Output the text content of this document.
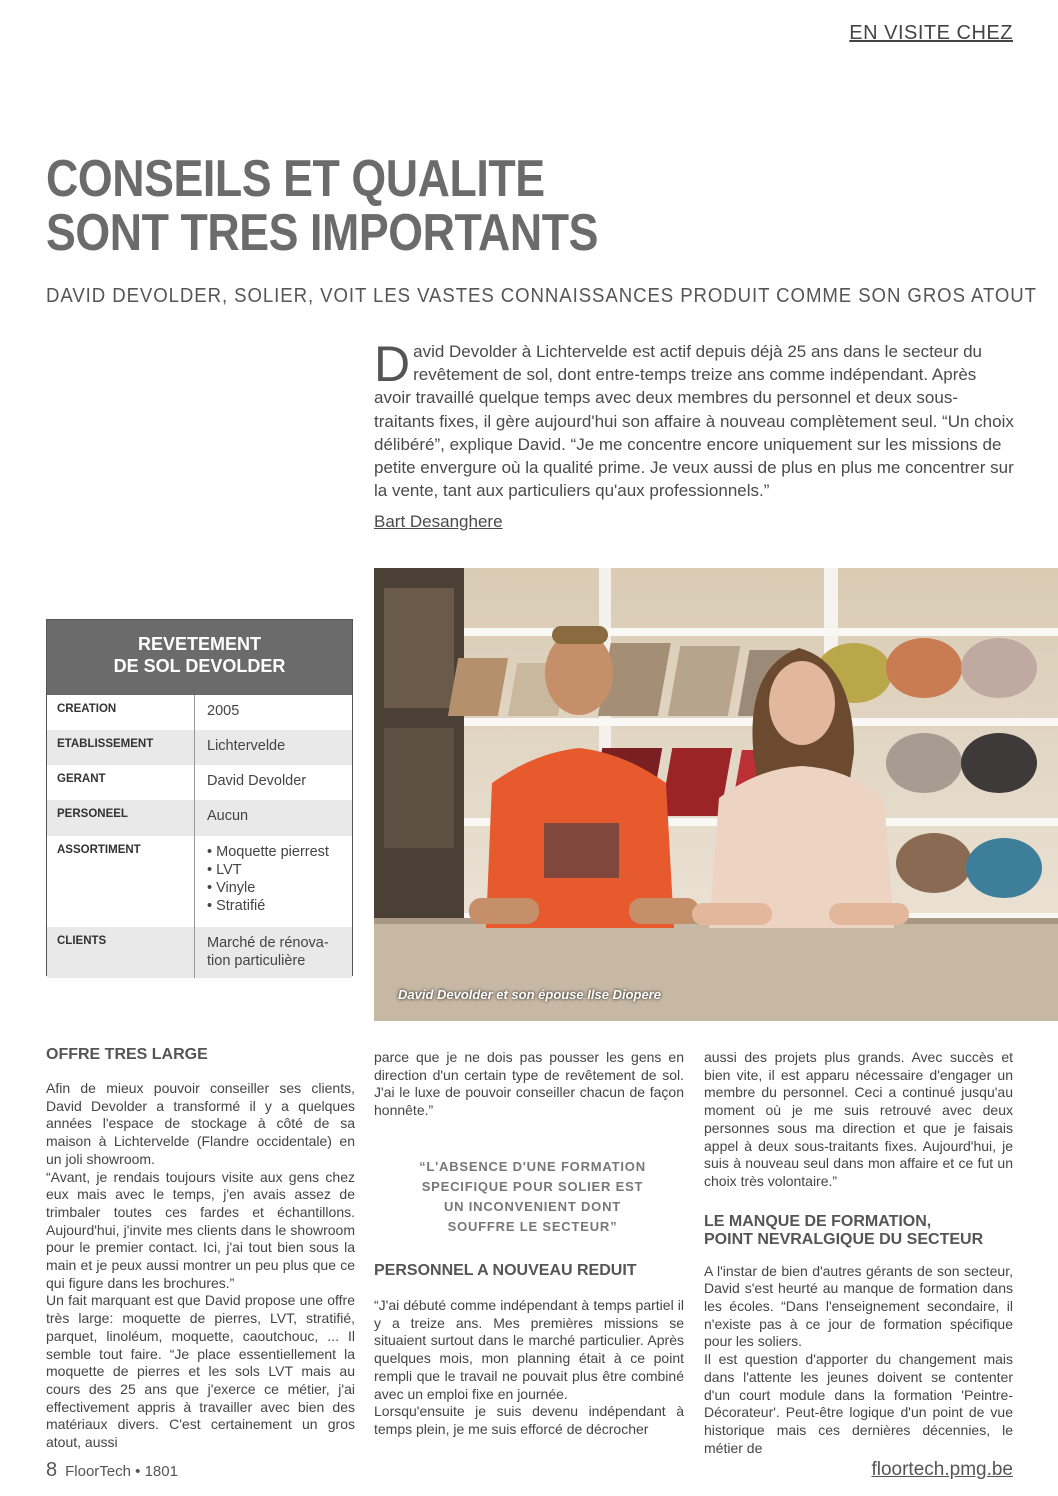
EN VISITE CHEZ
CONSEILS ET QUALITE
SONT TRES IMPORTANTS
DAVID DEVOLDER, SOLIER, VOIT LES VASTES CONNAISSANCES PRODUIT COMME SON GROS ATOUT
David Devolder à Lichtervelde est actif depuis déjà 25 ans dans le secteur du revêtement de sol, dont entre-temps treize ans comme indépendant. Après avoir travaillé quelque temps avec deux membres du personnel et deux sous-traitants fixes, il gère aujourd'hui son affaire à nouveau complètement seul. “Un choix délibéré”, explique David. “Je me concentre encore uniquement sur les missions de petite envergure où la qualité prime. Je veux aussi de plus en plus me concentrer sur la vente, tant aux particuliers qu'aux professionnels.”
Bart Desanghere
REVETEMENT
DE SOL DEVOLDER
CREATION	2005
ETABLISSEMENT	Lichtervelde
GERANT	David Devolder
PERSONEEL	Aucun
ASSORTIMENT
•	Moquette pierrest
• LVT
• Vinyle
• Stratifié
CLIENTS	Marché de rénova-
tion particulière
David Devolder et son épouse Ilse Diopere
OFFRE TRES LARGE

Afin de mieux pouvoir conseiller ses clients, David Devolder a transformé il y a quelques années l'espace de stockage à côté de sa maison à Lichtervelde (Flandre occidentale) en un joli showroom.

“Avant, je rendais toujours visite aux gens chez eux mais avec le temps, j'en avais assez de trimbaler toutes ces fardes et échantillons. Aujourd'hui, j'invite mes clients dans le showroom pour le premier contact. Ici, j'ai tout bien sous la main et je peux aussi montrer un peu plus que ce qui figure dans les brochures.”

Un fait marquant est que David propose une offre très large: moquette de pierres, LVT, stratifié, parquet, linoléum, moquette, caoutchouc, ... Il semble tout faire. “Je place essentiellement la moquette de pierres et les sols LVT mais au cours des 25 ans que j'exerce ce métier, j'ai effectivement appris à travailler avec bien des matériaux divers. C'est certainement un gros atout, aussi

parce que je ne dois pas pousser les gens en direction d'un certain type de revêtement de sol. J'ai le luxe de pouvoir conseiller chacun de façon honnête.”

“L'ABSENCE D'UNE FORMATION SPECIFIQUE POUR SOLIER EST UN INCONVENIENT DONT SOUFFRE LE SECTEUR”
PERSONNEL A NOUVEAU REDUIT

“J'ai débuté comme indépendant à temps partiel il y a treize ans. Mes premières missions se situaient surtout dans le marché particulier. Après quelques mois, mon planning était à ce point rempli que le travail ne pouvait plus être combiné avec un emploi fixe en journée.

Lorsqu'ensuite je suis devenu indépendant à temps plein, je me suis efforcé de décrocher

aussi des projets plus grands. Avec succès et bien vite, il est apparu nécessaire d'engager un membre du personnel. Ceci a continué jusqu'au moment où je me suis retrouvé avec deux personnes sous ma direction et que je faisais appel à deux sous-traitants fixes. Aujourd'hui, je suis à nouveau seul dans mon affaire et ce fut un choix très volontaire.”

LE MANQUE DE FORMATION,
POINT NEVRALGIQUE DU SECTEUR

A l'instar de bien d'autres gérants de son secteur, David s'est heurté au manque de formation dans les écoles. “Dans l'enseignement secondaire, il n'existe pas à ce jour de formation spécifique pour les soliers.

Il est question d'apporter du changement mais dans l'attente les jeunes doivent se contenter d'un court module dans la formation 'Peintre-Décorateur'. Peut-être logique d'un point de vue historique mais ces dernières décennies, le métier de

8 FloorTech • 1801	floortech.pmg.be
